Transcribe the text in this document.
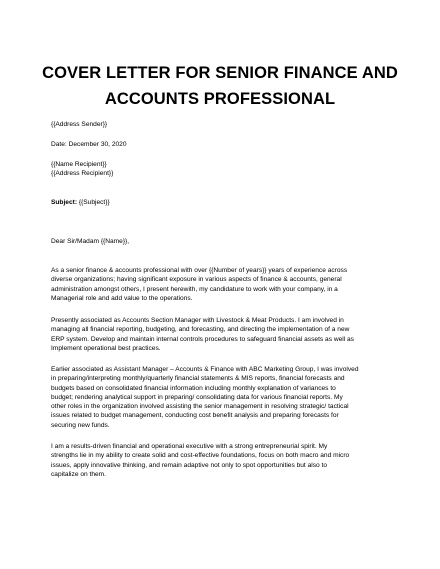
COVER LETTER FOR SENIOR FINANCE AND
ACCOUNTS PROFESSIONAL
{{Address Sender}}
Date: December 30, 2020
{{Name Recipient}}
{{Address Recipient}}
Subject: {{Subject}}
Dear Sir/Madam {{Name}},
As a senior finance & accounts professional with over {{Number of years}} years of experience across
diverse organizations; having significant exposure in various aspects of finance & accounts, general
administration amongst others, I present herewith, my candidature to work with your company, in a
Managerial role and add value to the operations.
Presently associated as Accounts Section Manager with Livestock & Meat Products. I am involved in
managing all financial reporting, budgeting, and forecasting, and directing the implementation of a new
ERP system. Develop and maintain internal controls procedures to safeguard financial assets as well as
Implement operational best practices.
Earlier associated as Assistant Manager – Accounts & Finance with ABC Marketing Group, I was involved
in preparing/interpreting monthly/quarterly financial statements & MIS reports, financial forecasts and
budgets based on consolidated financial information including monthly explanation of variances to
budget; rendering analytical support in preparing/ consolidating data for various financial reports. My
other roles in the organization involved assisting the senior management in resolving strategic/ tactical
issues related to budget management, conducting cost benefit analysis and preparing forecasts for
securing new funds.
I am a results-driven financial and operational executive with a strong entrepreneurial spirit. My
strengths lie in my ability to create solid and cost-effective foundations, focus on both macro and micro
issues, apply innovative thinking, and remain adaptive not only to spot opportunities but also to
capitalize on them.
